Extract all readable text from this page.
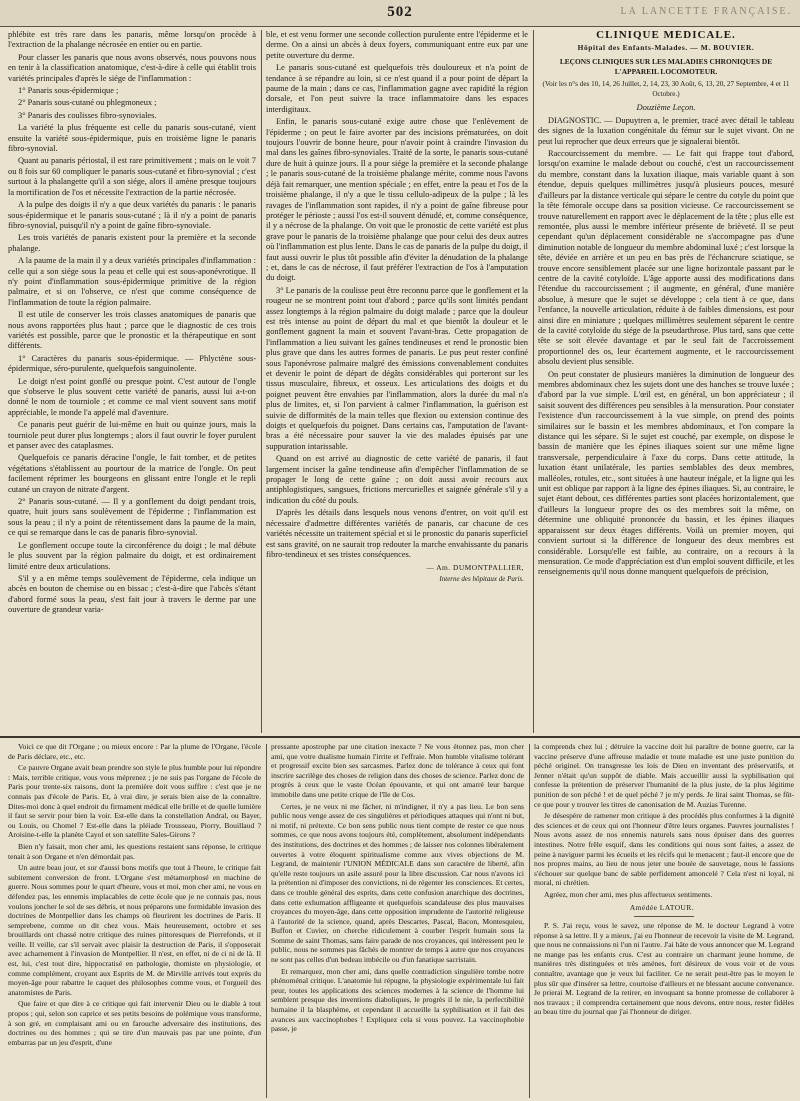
502	LA LANCETTE FRANÇAISE.

phlébite est très rare dans les panaris, même lorsqu'on procède à l'extraction de la phalange nécrosée en entier ou en partie.

Pour classer les panaris que nous avons observés, nous pouvons nous en tenir à la classification anatomique, c'est-à-dire à celle qui établit trois variétés principales d'après le siége de l'inflammation :

1° Panaris sous-épidermique ;

2° Panaris sous-cutané ou phlegmoneux ;

3° Panaris des coulisses fibro-synoviales.

La variété la plus fréquente est celle du panaris sous-cutané, vient ensuite la variété sous-épidermique, puis en troisième ligne le panaris fibro-synovial.

Quant au panaris périostal, il est rare primitivement ; mais on le voit 7 ou 8 fois sur 60 compliquer le panaris sous-cutané et fibro-synovial ; c'est surtout à la phalangette qu'il a son siége, alors il amène presque toujours la mortification de l'os et nécessite l'extraction de la partie nécrosée.

A la pulpe des doigts il n'y a que deux variétés du panaris : le panaris sous-épidermique et le panaris sous-cutané ; là il n'y a point de panaris fibro-synovial, puisqu'il n'y a point de gaîne fibro-synoviale.

Les trois variétés de panaris existent pour la première et la seconde phalange.

A la paume de la main il y a deux variétés principales d'inflammation : celle qui a son siége sous la peau et celle qui est sous-aponévrotique. Il n'y point d'inflammation sous-épidermique primitive de la région palmaire, et si on l'observe, ce n'est que comme conséquence de l'inflammation de toute la région palmaire.

Il est utile de conserver les trois classes anatomiques de panaris que nous avons rapportées plus haut ; parce que le diagnostic de ces trois variétés est possible, parce que le pronostic et la thérapeutique en sont différents.

1° Caractères du panaris sous-épidermique. — Phlyctène sous-épidermique, séro-purulente, quelquefois sanguinolente.

Le doigt n'est point gonflé ou presque point. C'est autour de l'ongle que s'observe le plus souvent cette variété de panaris, aussi lui a-t-on donné le nom de tourniole ; et comme ce mal vient souvent sans motif appréciable, le monde l'a appelé mal d'aventure.

Ce panaris peut guérir de lui-même en huit ou quinze jours, mais la tourniole peut durer plus longtemps ; alors il faut ouvrir le foyer purulent et panser avec des cataplasmes.

Quelquefois ce panaris déracine l'ongle, le fait tomber, et de petites végétations s'établissent au pourtour de la matrice de l'ongle. On peut facilement réprimer les bourgeons en glissant entre l'ongle et le repli cutané un crayon de nitrate d'argent.

2° Panaris sous-cutané. — Il y a gonflement du doigt pendant trois, quatre, huit jours sans soulèvement de l'épiderme ; l'inflammation est sous la peau ; il n'y a point de rétentissement dans la paume de la main, ce qui se remarque dans le cas de panaris fibro-synovial.

Le gonflement occupe toute la circonférence du doigt ; le mal débute le plus souvent par la région palmaire du doigt, et est ordinairement limité entre deux articulations.

S'il y a en même temps soulèvement de l'épiderme, cela indique un abcès en bouton de chemise ou en bissac ; c'est-à-dire que l'abcès s'étant d'abord formé sous la peau, s'est fait jour à travers le derme par une ouverture de grandeur varia-

ble, et est venu former une seconde collection purulente entre l'épiderme et le derme. On a ainsi un abcès à deux foyers, communiquant entre eux par une petite ouverture du derme.

Le panaris sous-cutané est quelquefois très douloureux et n'a point de tendance à se répandre au loin, si ce n'est quand il a pour point de départ la paume de la main ; dans ce cas, l'inflammation gagne avec rapidité la région dorsale, et l'on peut suivre la trace inflammatoire dans les espaces interdigitaux.

Enfin, le panaris sous-cutané exige autre chose que l'enlèvement de l'épiderme ; on peut le faire avorter par des incisions prématurées, on doit toujours l'ouvrir de bonne heure, pour n'avoir point à craindre l'invasion du mal dans les gaînes fibro-synoviales. Traité de la sorte, le panaris sous-cutané dure de huit à quinze jours. Il a pour siége la première et la seconde phalange ; le panaris sous-cutané de la troisième phalange mérite, comme nous l'avons déjà fait remarquer, une mention spéciale ; en effet, entre la peau et l'os de la troisième phalange, il n'y a que le tissu cellulo-adipeux de la pulpe ; là les ravages de l'inflammation sont rapides, il n'y a point de gaîne fibreuse pour protéger le périoste ; aussi l'os est-il souvent dénudé, et, comme conséquence, il y a nécrose de la phalange. On voit que le pronostic de cette variété est plus grave pour le panaris de la troisième phalange que pour celui des deux autres où l'inflammation est plus lente. Dans le cas de panaris de la pulpe du doigt, il faut aussi ouvrir le plus tôt possible afin d'éviter la dénudation de la phalange ; et, dans le cas de nécrose, il faut préférer l'extraction de l'os à l'amputation du doigt.

3° Le panaris de la coulisse peut être reconnu parce que le gonflement et la rougeur ne se montrent point tout d'abord ; parce qu'ils sont limités pendant assez longtemps à la région palmaire du doigt malade ; parce que la douleur est très intense au point de départ du mal et que bientôt la douleur et le gonflement gagnent la main et souvent l'avant-bras. Cette propagation de l'inflammation a lieu suivant les gaînes tendineuses et rend le pronostic bien plus grave que dans les autres formes de panaris. Le pus peut rester confiné sous l'aponévrose palmaire malgré des émissions convenablement conduites et devenir le point de départ de dégâts considérables qui porteront sur les tissus musculaire, fibreux, et osseux. Les articulations des doigts et du poignet peuvent être envahies par l'inflammation, alors la durée du mal n'a plus de limites, et, si l'on parvient à calmer l'inflammation, la guérison est suivie de difformités de la main telles que flexion ou extension continue des doigts et quelquefois du poignet. Dans certains cas, l'amputation de l'avant-bras a été nécessaire pour sauver la vie des malades épuisés par une suppuration intarissable.

Quand on est arrivé au diagnostic de cette variété de panaris, il faut largement inciser la gaîne tendineuse afin d'empêcher l'inflammation de se propager le long de cette gaîne ; on doit aussi avoir recours aux antiphlogistiques, sangsues, frictions mercurielles et saignée générale s'il y a indication du côté du pouls.

D'après les détails dans lesquels nous venons d'entrer, on voit qu'il est nécessaire d'admettre différentes variétés de panaris, car chacune de ces variétés nécessite un traitement spécial et si le pronostic du panaris superficiel est sans gravité, on ne saurait trop redouter la marche envahissante du panaris fibro-tendineux et ses tristes conséquences.

— Am. DUMONTPALLIER,
Interne des hôpitaux de Paris.
CLINIQUE MÉDICALE.
Hôpital des Enfants-Malades. — M. BOUVIER.
LEÇONS CLINIQUES SUR LES MALADIES CHRONIQUES DE L'APPAREIL LOCOMOTEUR.
(Voir les n°s des 10, 14, 26 Juillet, 2, 14, 23, 30 Août, 6, 13, 20, 27 Septembre, 4 et 11 Octobre.)
Douzième Leçon.

DIAGNOSTIC. — Dupuytren a, le premier, tracé avec détail le tableau des signes de la luxation congénitale du fémur sur le sujet vivant. On ne peut lui reprocher que deux erreurs que je signalerai bientôt.

Raccourcissement du membre. — Le fait qui frappe tout d'abord, lorsqu'on examine le malade debout ou couché, c'est un raccourcissement du membre, constant dans la luxation iliaque, mais variable quant à son étendue, depuis quelques millimètres jusqu'à plusieurs pouces, mesuré d'ailleurs par la distance verticale qui sépare le centre du cotyle du point que la tête fémorale occupe dans sa position vicieuse. Ce raccourcissement se trouve naturellement en rapport avec le déplacement de la tête ; plus elle est remontée, plus aussi le membre inférieur présente de brièveté. Il se peut cependant qu'un déplacement considérable ne s'accompagne pas d'une diminution notable de longueur du membre abdominal luxé ; c'est lorsque la tête, déviée en arrière et un peu en bas près de l'échancrure sciatique, se trouve encore sensiblement placée sur une ligne horizontale passant par le centre de la cavité cotyloïde. L'âge apporte aussi des modifications dans l'étendue du raccourcissement ; il augmente, en général, d'une manière absolue, à mesure que le sujet se développe ; cela tient à ce que, dans l'enfance, la nouvelle articulation, réduite à de faibles dimensions, est pour ainsi dire en miniature ; quelques millimètres seulement séparent le centre de la cavité cotyloïde du siége de la pseudarthrose. Plus tard, sans que cette tête se soit élevée davantage et par le seul fait de l'accroissement proportionnel des os, leur écartement augmente, et le raccourcissement absolu devient plus sensible.

On peut constater de plusieurs manières la diminution de longueur des membres abdominaux chez les sujets dont une des hanches se trouve luxée ; d'abord par la vue simple. L'œil est, en général, un bon appréciateur ; il saisit souvent des différences peu sensibles à la mensuration. Pour constater l'existence d'un raccourcissement à la vue simple, on prend des points similaires sur le bassin et les membres abdominaux, et l'on compare la distance qui les sépare. Si le sujet est couché, par exemple, on dispose le bassin de manière que les épines iliaques soient sur une même ligne transversale, perpendiculaire à l'axe du corps. Dans cette attitude, la luxation étant unilatérale, les parties semblables des deux membres, malléoles, rotules, etc., sont situées à une hauteur inégale, et la ligne qui les unit est oblique par rapport à la ligne des épines iliaques. Si, au contraire, le sujet étant debout, ces différentes parties sont placées horizontalement, que d'ailleurs la longueur propre des os des membres soit la même, on détermine une obliquité prononcée du bassin, et les épines iliaques apparaissent sur deux étages différents. Voilà un premier moyen, qui convient surtout si la différence de longueur des deux membres est considérable. Lorsqu'elle est faible, au contraire, on a recours à la mensuration. Ce mode d'appréciation est d'un emploi souvent difficile, et les renseignements qu'il nous donne manquent quelquefois de précision,

Voici ce que dit l'Organe ; ou mieux encore : Par la plume de l'Organe, l'école de Paris déclare, etc., etc.

Ce pauvre Organe avait bean prendre son style le plus humble pour lui répondre : Mais, terrible critique, vous vous méprenez ; je ne suis pas l'organe de l'école de Paris pour trente-six raisons, dont la première doit vous suffire : c'est que je ne connais pas d'école de Paris. Et, à vrai dire, je serais bien aise de la connaître. Dites-moi donc à quel endroit du firmament médical elle brille et de quelle lumière il faut se servir pour bien la voir. Est-elle dans la constellation Andral, ou Bayer, ou Louis, ou Chomel ? Est-elle dans la pléiade Trousseau, Piorry, Bouillaud ? Aroisine-t-elle la planète Cayol et son satellite Sales-Girons ?

Bien n'y faisait, mon cher ami, les questions restaient sans réponse, le critique tenait à son Organe et n'en démordait pas.

Un autre beau jour, et sur d'aussi bons motifs que tout à l'heure, le critique fait subitement conversion de front. L'Organe s'est métamorphosé en machine de guerre. Nous sommes pour le quart d'heure, vous et moi, mon cher ami, ne vous en défendez pas, les ennemis implacables de cette école que je ne connais pas, nous voulons joncher le sol de ses débris, et nous préparons une formidable invasion des doctrines de Montpellier dans les champs où fleurirent les doctrines de Paris. Il semprebene, comme on dit chez vous. Mais heureusement, octobre et ses brouillards ont chassé notre critique des ruines pittoresques de Pierrefonds, et il veille. Il veille, car s'il servait avec plaisir la destruction de Paris, il s'opposerait avec acharnement à l'invasion de Montpellier. Il n'est, en effet, ni de ci ni de là. Il est, lui, c'est tout dire, hippocratisé en pathologie, thomiste en physiologie, et comme complément, croyant aux Esprits de M. de Mirville arrivés tout exprès du moyen-âge pour rabattre le caquet des philosophes comme vous, et l'orgueil des anatomistes de Paris.

Que faire et que dire à ce critique qui fait intervenir Dieu ou le diable à tout propos ; qui, selon son caprice et ses petits besoins de polémique vous transforme, à son gré, en complaisant ami ou en farouche adversaire des institutions, des doctrines ou des hommes ; qui se tire d'un mauvais pas par une pointe, d'un embarras par un jeu d'esprit, d'une

pressante apostrophe par une citation inexacte ? Ne vous étonnez pas, mon cher ami, que votre dualisme humain l'irrite et l'effraie. Mon humble vitalisme tolérant et progressif excite bien ses sarcasmes. Parlez donc de tolérance à ceux qui font inscrire sacrilège des choses de religion dans des choses de science. Parlez donc de progrès à ceux que le vaste Océan épouvante, et qui ont amarré leur barque immobile dans une petite crique de l'île de Cos.

Certes, je ne veux ni me fâcher, ni m'indigner, il n'y a pas lieu. Le bon sens public nous venge assez de ces singulières et périodiques attaques qui n'ont ni but, ni motif, ni prétexte. Ce bon sens public nous tient compte de rester ce que nous sommes, ce que nous avons toujours été, complètement, absolument indépendants des institutions, des doctrines et des hommes ; de laisser nos colonnes libéralement ouvertes à votre éloquent spiritualisme comme aux vives objections de M. Legrand, de maintenir l'UNION MÉDICALE dans son caractère de liberté, afin qu'elle reste toujours un asile assuré pour la libre discussion. Car nous n'avons ici la prétention ni d'imposer des convictions, ni de régenter les consciences. Et certes, dans ce trouble général des esprits, dans cette confusion anarchique des doctrines, dans cette exhumation affligeante et quelquefois scandaleuse des plus mauvaises croyances du moyen-âge, dans cette opposition imprudente de l'autorité religieuse à l'autorité de la science, quand, après Descartes, Pascal, Bacon, Montesquieu, Buffon et Cuvier, on cherche ridiculement à courber l'esprit humain sous la Somme de saint Thomas, sans faire parade de nos croyances, qui intéressent peu le public, nous ne sommes pas fâchés de montrer de temps à autre que nos croyances ne sont pas celles d'un bedeau imbécile ou d'un fanatique sacristain.

Et remarquez, mon cher ami, dans quelle contradiction singulière tombe notre phénoménal critique. L'anatomie lui répugne, la physiologie expérimentale lui fait peur, toutes les applications des sciences modernes à la science de l'homme lui semblent presque des inventions diaboliques, le progrès il le nie, la perfectibilité humaine il la blasphème, et cependant il accueille la syphilisation et il fait des avances aux vaccinophobes ! Expliquez cela si vous pouvez. La vaccinophobie passe, je

la comprends chez lui ; détruire la vaccine doit lui paraître de bonne guerre, car la vaccine préserve d'une affreuse maladie et toute maladie est une juste punition du péché originel. On transgresse les lois de Dieu en inventant des préservatifs, et Jenner n'était qu'un suppôt de diable. Mais accueillir aussi la syphilisation qui confesse la prétention de préserver l'humanité de la plus juste, de la plus légitime punition de son péché ! et de quel péché ? je m'y perds. Je lirai saint Thomas, se fût-ce que pour y trouver les titres de canonisation de M. Auzias Turenne.

Je désespère de ramener mon critique à des procédés plus conformes à la dignité des sciences et de ceux qui ont l'honneur d'être leurs organes. Pauvres journalistes ! Nous avons assez de nos ennemis naturels sans nous épuiser dans des guerres intestines. Notre frêle esquif, dans les conditions qui nous sont faites, a assez de peine à naviguer parmi les écueils et les récifs qui le menacent ; faut-il encore que de nos propres mains, au lieu de nous jeter une bouée de sauvetage, nous le fassions s'échouer sur quelque banc de sable perfidement amoncelé ? Cela n'est ni loyal, ni moral, ni chrétien.

Agréez, mon cher ami, mes plus affectueux sentiments.

Amédée LATOUR.

P. S. J'ai reçu, vous le savez, une réponse de M. le docteur Legrand à votre réponse à sa lettre. Il y a mieux, j'ai eu l'honneur de recevoir la visite de M. Legrand, que nous ne connaissions ni l'un ni l'autre. J'ai hâte de vous annoncer que M. Legrand ne mange pas les enfants crus. C'est au contraire un charmant jeune homme, de manières très distinguées et très aménes, fort désireux de vous voir et de vous connaître, avantage que je veux lui faciliter. Ce ne serait peut-être pas le moyen le plus sûr que d'insérer sa lettre, courtoise d'ailleurs et ne blessant aucune convenance. Je prierai M. Legrand de la retirer, en invoquant sa bonne promesse de collaborer à nos travaux ; il comprendra certainement que nous devons, entre nous, rester fidèles au beau titre du journal que j'ai l'honneur de diriger.
